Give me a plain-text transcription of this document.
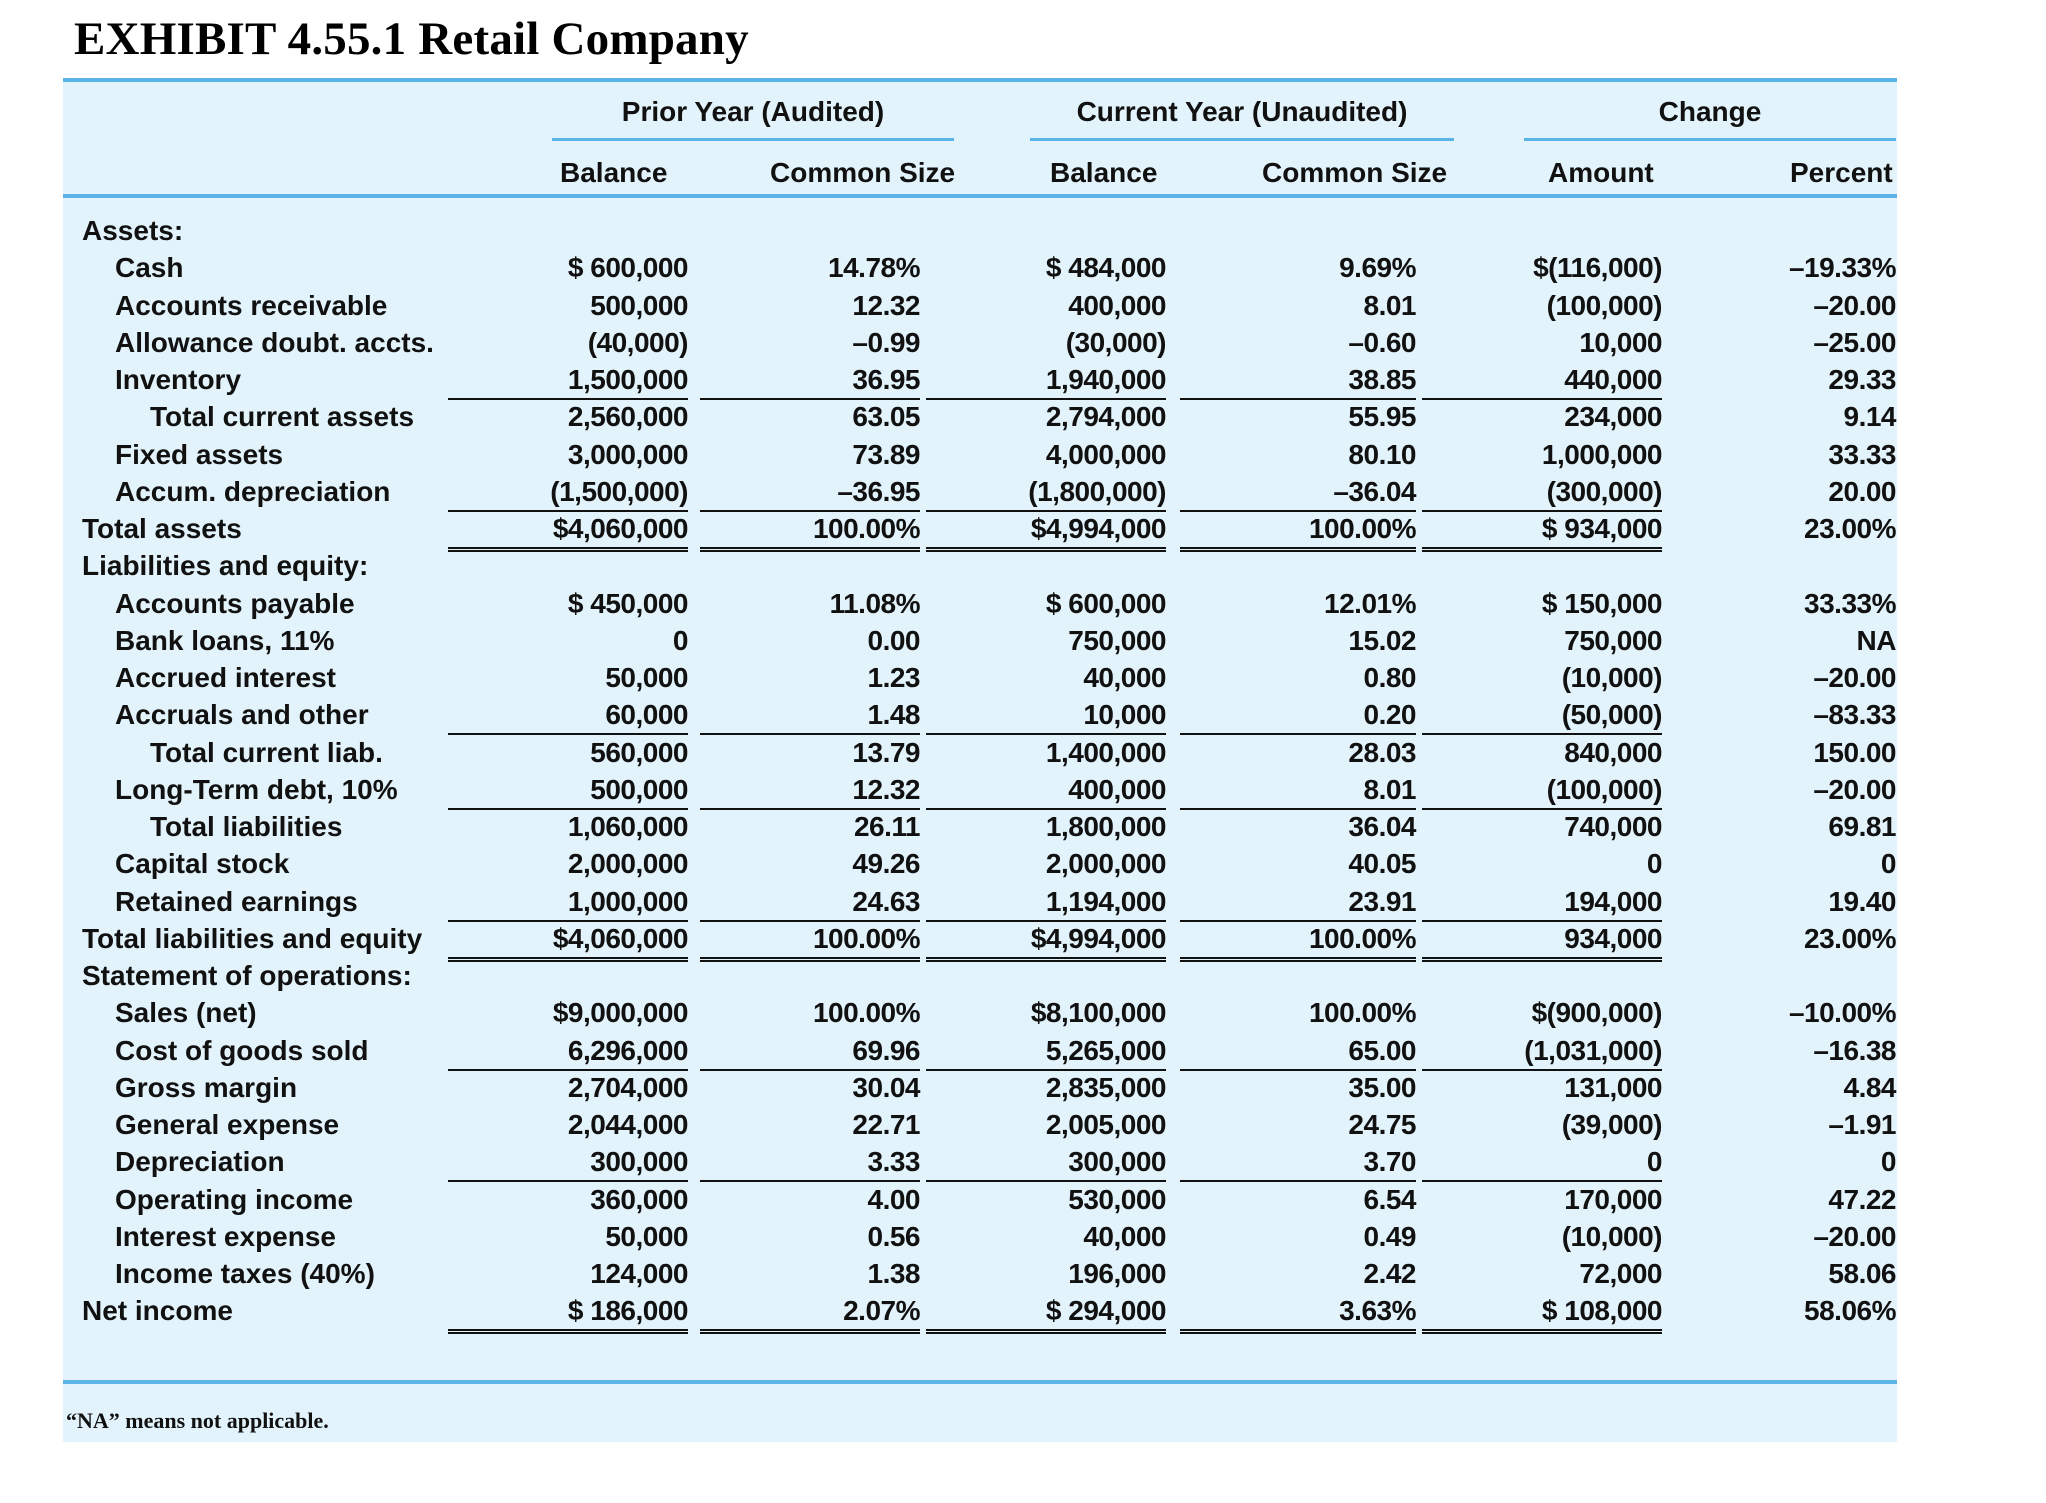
EXHIBIT 4.55.1 Retail Company
Prior Year (Audited)	Current Year (Unaudited)	Change
Balance	Common Size	Balance	Common Size	Amount	Percent
Assets:
Cash	$ 600,000	14.78%	$ 484,000	9.69%	$(116,000)	–19.33%
Accounts receivable	500,000	12.32	400,000	8.01	(100,000)	–20.00
Allowance doubt. accts.	(40,000)	–0.99	(30,000)	–0.60	10,000	–25.00
Inventory	1,500,000	36.95	1,940,000	38.85	440,000	29.33
Total current assets	2,560,000	63.05	2,794,000	55.95	234,000	9.14
Fixed assets	3,000,000	73.89	4,000,000	80.10	1,000,000	33.33
Accum. depreciation	(1,500,000)	–36.95	(1,800,000)	–36.04	(300,000)	20.00
Total assets	$4,060,000	100.00%	$4,994,000	100.00%	$ 934,000	23.00%
Liabilities and equity:
Accounts payable	$ 450,000	11.08%	$ 600,000	12.01%	$ 150,000	33.33%
Bank loans, 11%	0	0.00	750,000	15.02	750,000	NA
Accrued interest	50,000	1.23	40,000	0.80	(10,000)	–20.00
Accruals and other	60,000	1.48	10,000	0.20	(50,000)	–83.33
Total current liab.	560,000	13.79	1,400,000	28.03	840,000	150.00
Long-Term debt, 10%	500,000	12.32	400,000	8.01	(100,000)	–20.00
Total liabilities	1,060,000	26.11	1,800,000	36.04	740,000	69.81
Capital stock	2,000,000	49.26	2,000,000	40.05	0	0
Retained earnings	1,000,000	24.63	1,194,000	23.91	194,000	19.40
Total liabilities and equity	$4,060,000	100.00%	$4,994,000	100.00%	934,000	23.00%
Statement of operations:
Sales (net)	$9,000,000	100.00%	$8,100,000	100.00%	$(900,000)	–10.00%
Cost of goods sold	6,296,000	69.96	5,265,000	65.00	(1,031,000)	–16.38
Gross margin	2,704,000	30.04	2,835,000	35.00	131,000	4.84
General expense	2,044,000	22.71	2,005,000	24.75	(39,000)	–1.91
Depreciation	300,000	3.33	300,000	3.70	0	0
Operating income	360,000	4.00	530,000	6.54	170,000	47.22
Interest expense	50,000	0.56	40,000	0.49	(10,000)	–20.00
Income taxes (40%)	124,000	1.38	196,000	2.42	72,000	58.06
Net income	$ 186,000	2.07%	$ 294,000	3.63%	$ 108,000	58.06%
“NA” means not applicable.
